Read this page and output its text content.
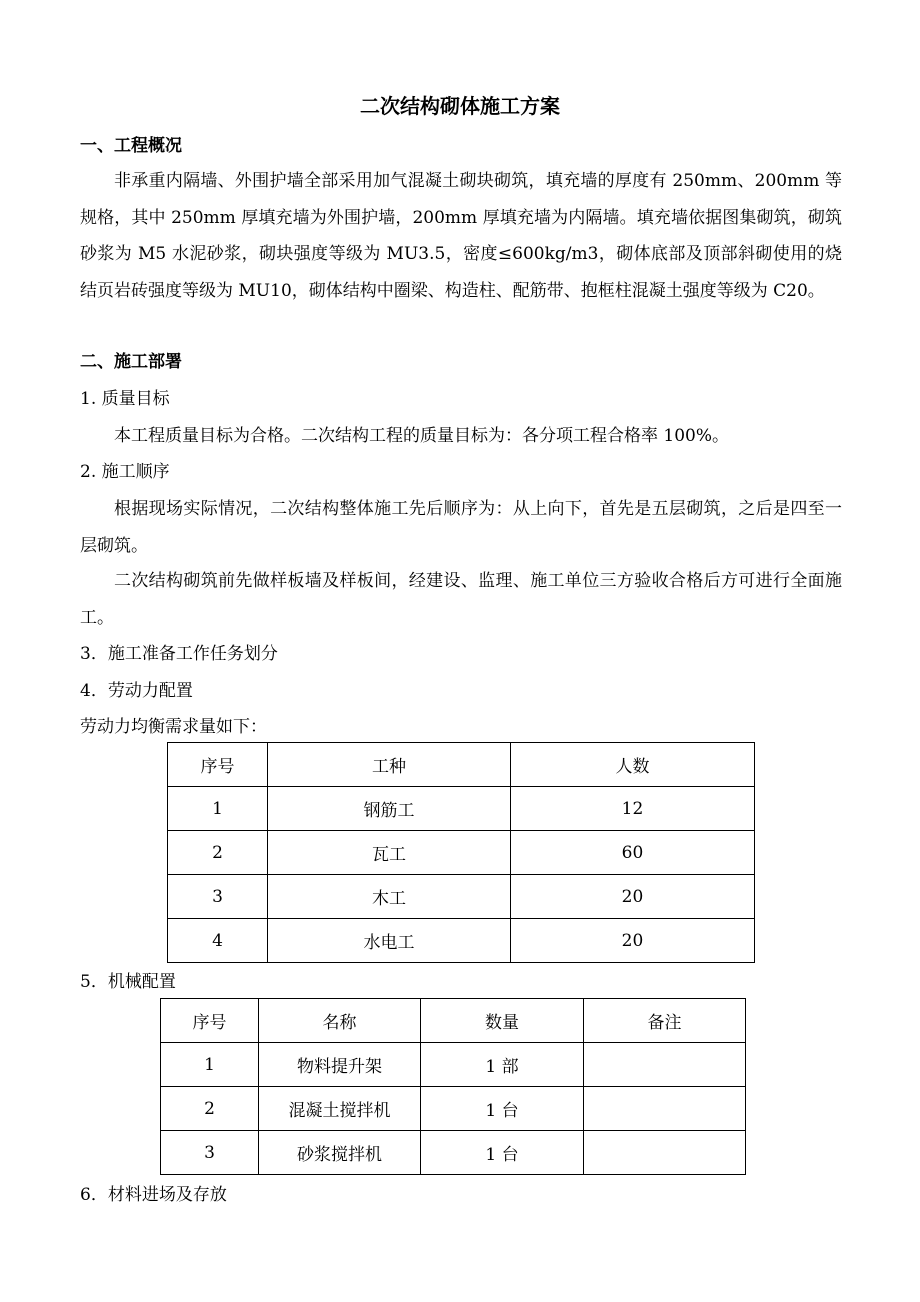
二次结构砌体施工方案
一、工程概况
非承重内隔墙、外围护墙全部采用加气混凝土砌块砌筑，填充墙的厚度有 250mm、200mm 等规格，其中 250mm 厚填充墙为外围护墙，200mm 厚填充墙为内隔墙。填充墙依据图集砌筑，砌筑砂浆为 M5 水泥砂浆，砌块强度等级为 MU3.5，密度≤600kg/m3，砌体底部及顶部斜砌使用的烧结页岩砖强度等级为 MU10，砌体结构中圈梁、构造柱、配筋带、抱框柱混凝土强度等级为 C20。
二、施工部署
1. 质量目标
本工程质量目标为合格。二次结构工程的质量目标为：各分项工程合格率 100%。
2. 施工顺序
根据现场实际情况，二次结构整体施工先后顺序为：从上向下，首先是五层砌筑，之后是四至一层砌筑。
二次结构砌筑前先做样板墙及样板间，经建设、监理、施工单位三方验收合格后方可进行全面施工。
3．施工准备工作任务划分
4．劳动力配置
劳动力均衡需求量如下：
序号	工种	人数
1	钢筋工	12
2	瓦工	60
3	木工	20
4	水电工	20
5．机械配置
序号	名称	数量	备注
1	物料提升架	1 部	
2	混凝土搅拌机	1 台	
3	砂浆搅拌机	1 台	
6．材料进场及存放
